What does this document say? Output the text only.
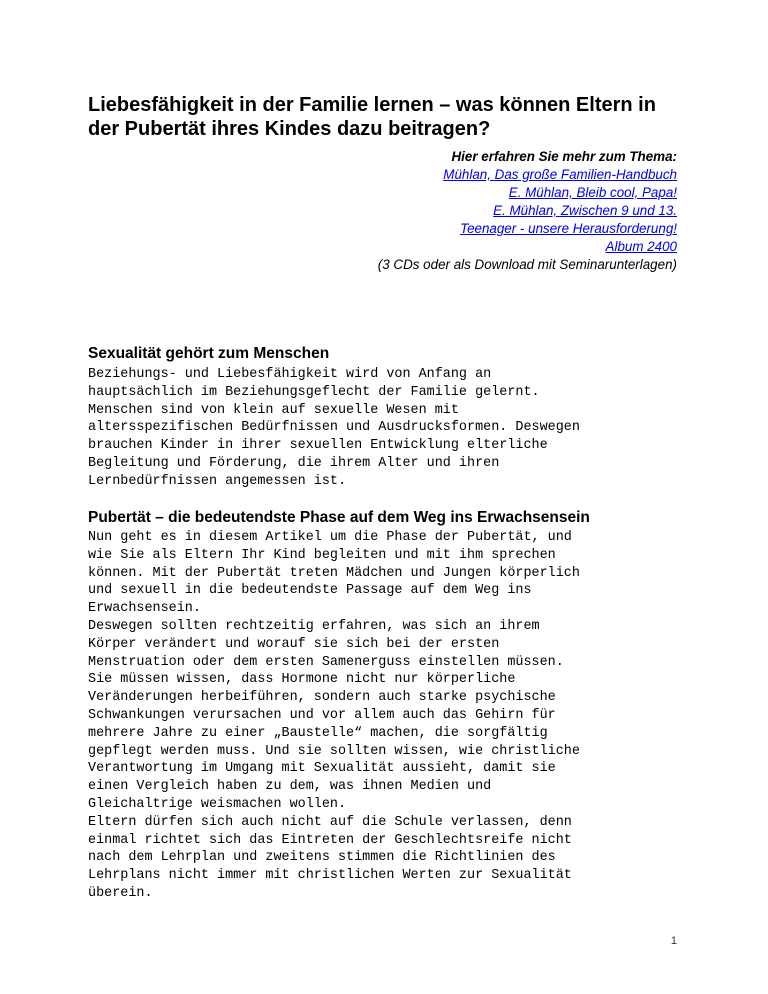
Liebesfähigkeit in der Familie lernen – was können Eltern in der Pubertät ihres Kindes dazu beitragen?
Hier erfahren Sie mehr zum Thema:
Mühlan, Das große Familien-Handbuch
E. Mühlan, Bleib cool, Papa!
E. Mühlan, Zwischen 9 und 13.
Teenager - unsere Herausforderung!
Album 2400
(3 CDs oder als Download mit Seminarunterlagen)
Sexualität gehört zum Menschen

Beziehungs- und Liebesfähigkeit wird von Anfang an
hauptsächlich im Beziehungsgeflecht der Familie gelernt.
Menschen sind von klein auf sexuelle Wesen mit
altersspezifischen Bedürfnissen und Ausdrucksformen. Deswegen
brauchen Kinder in ihrer sexuellen Entwicklung elterliche
Begleitung und Förderung, die ihrem Alter und ihren
Lernbedürfnissen angemessen ist.

Pubertät – die bedeutendste Phase auf dem Weg ins Erwachsensein

Nun geht es in diesem Artikel um die Phase der Pubertät, und
wie Sie als Eltern Ihr Kind begleiten und mit ihm sprechen
können. Mit der Pubertät treten Mädchen und Jungen körperlich
und sexuell in die bedeutendste Passage auf dem Weg ins
Erwachsensein.
Deswegen sollten rechtzeitig erfahren, was sich an ihrem
Körper verändert und worauf sie sich bei der ersten
Menstruation oder dem ersten Samenerguss einstellen müssen.
Sie müssen wissen, dass Hormone nicht nur körperliche
Veränderungen herbeiführen, sondern auch starke psychische
Schwankungen verursachen und vor allem auch das Gehirn für
mehrere Jahre zu einer „Baustelle“ machen, die sorgfältig
gepflegt werden muss. Und sie sollten wissen, wie christliche
Verantwortung im Umgang mit Sexualität aussieht, damit sie
einen Vergleich haben zu dem, was ihnen Medien und
Gleichaltrige weismachen wollen.
Eltern dürfen sich auch nicht auf die Schule verlassen, denn
einmal richtet sich das Eintreten der Geschlechtsreife nicht
nach dem Lehrplan und zweitens stimmen die Richtlinien des
Lehrplans nicht immer mit christlichen Werten zur Sexualität
überein.

1
